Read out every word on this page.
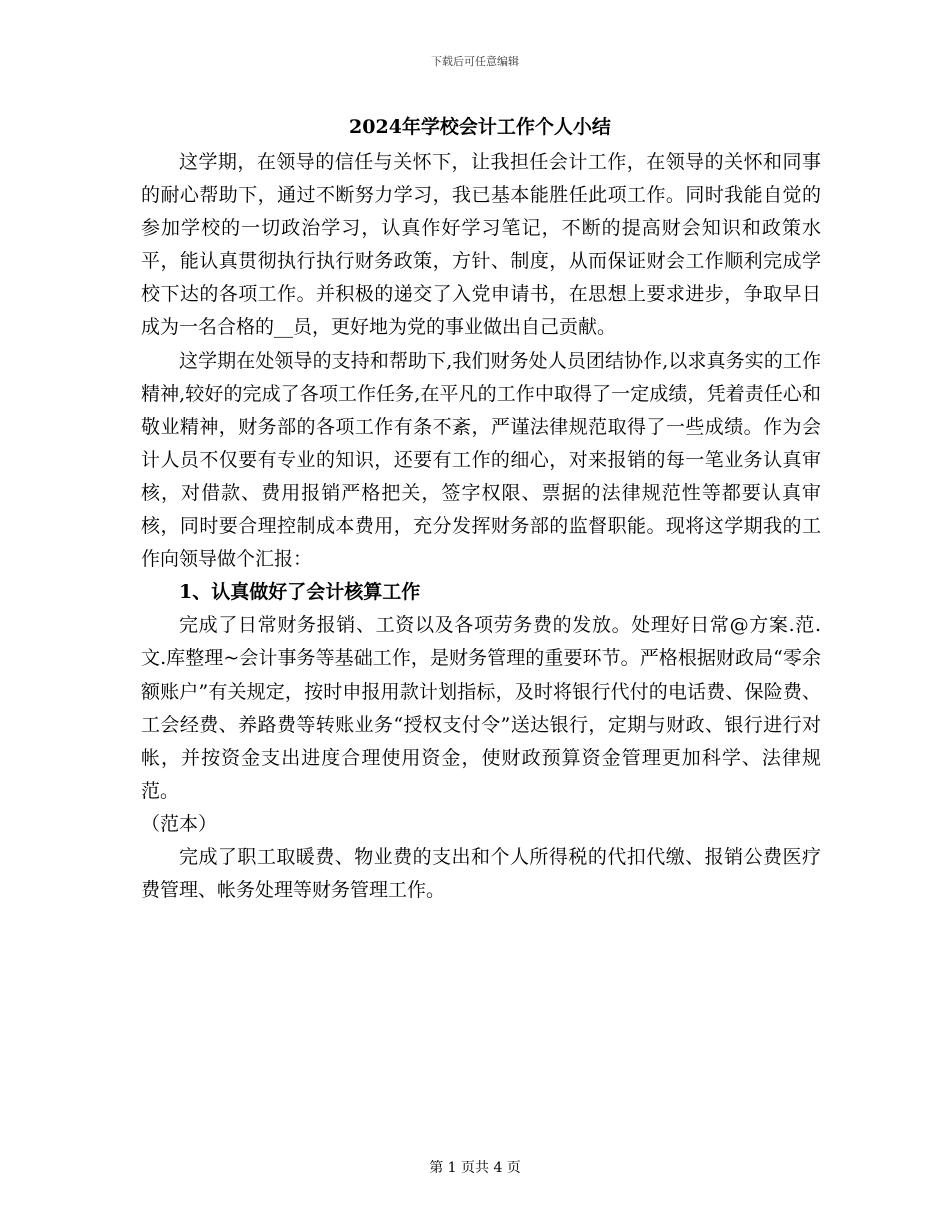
下载后可任意编辑
2024年学校会计工作个人小结

这学期，在领导的信任与关怀下，让我担任会计工作，在领导的关怀和同事的耐心帮助下，通过不断努力学习，我已基本能胜任此项工作。同时我能自觉的参加学校的一切政治学习，认真作好学习笔记，不断的提高财会知识和政策水平，能认真贯彻执行执行财务政策，方针、制度，从而保证财会工作顺利完成学校下达的各项工作。并积极的递交了入党申请书，在思想上要求进步，争取早日成为一名合格的__员，更好地为党的事业做出自己贡献。

这学期在处领导的支持和帮助下,我们财务处人员团结协作,以求真务实的工作精神,较好的完成了各项工作任务,在平凡的工作中取得了一定成绩，凭着责任心和敬业精神，财务部的各项工作有条不紊，严谨法律规范取得了一些成绩。作为会计人员不仅要有专业的知识，还要有工作的细心，对来报销的每一笔业务认真审核，对借款、费用报销严格把关，签字权限、票据的法律规范性等都要认真审核，同时要合理控制成本费用，充分发挥财务部的监督职能。现将这学期我的工作向领导做个汇报：

1、认真做好了会计核算工作

完成了日常财务报销、工资以及各项劳务费的发放。处理好日常@方案.范.文.库整理~会计事务等基础工作，是财务管理的重要环节。严格根据财政局“零余额账户”有关规定，按时申报用款计划指标，及时将银行代付的电话费、保险费、工会经费、养路费等转账业务“授权支付令”送达银行，定期与财政、银行进行对帐，并按资金支出进度合理使用资金，使财政预算资金管理更加科学、法律规范。

（范本）

完成了职工取暖费、物业费的支出和个人所得税的代扣代缴、报销公费医疗费管理、帐务处理等财务管理工作。

第 1 页共 4 页
